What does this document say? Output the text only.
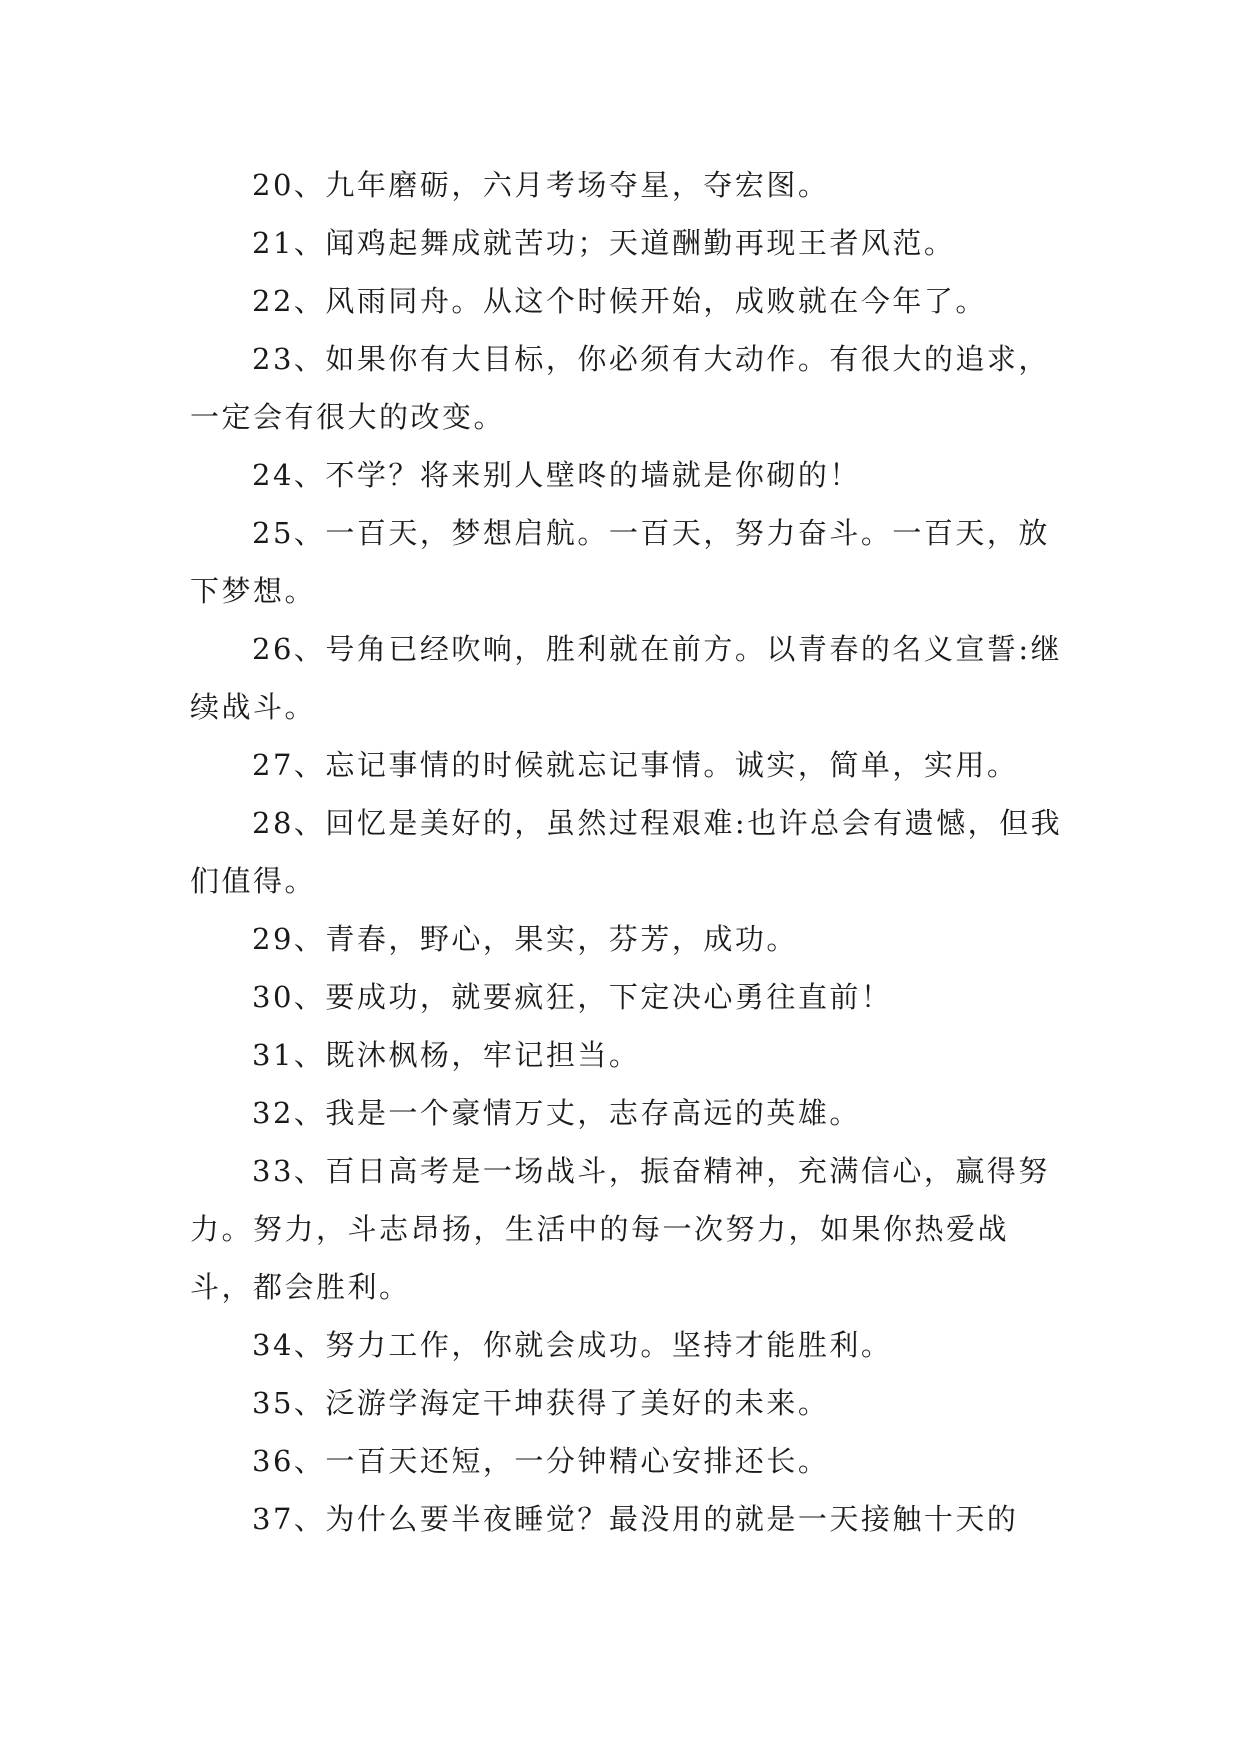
20、九年磨砺，六月考场夺星，夺宏图。

21、闻鸡起舞成就苦功；天道酬勤再现王者风范。

22、风雨同舟。从这个时候开始，成败就在今年了。

23、如果你有大目标，你必须有大动作。有很大的追求，一定会有很大的改变。

24、不学？将来别人壁咚的墙就是你砌的！

25、一百天，梦想启航。一百天，努力奋斗。一百天，放下梦想。

26、号角已经吹响，胜利就在前方。以青春的名义宣誓:继续战斗。

27、忘记事情的时候就忘记事情。诚实，简单，实用。

28、回忆是美好的，虽然过程艰难:也许总会有遗憾，但我们值得。

29、青春，野心，果实，芬芳，成功。

30、要成功，就要疯狂，下定决心勇往直前！

31、既沐枫杨，牢记担当。

32、我是一个豪情万丈，志存高远的英雄。

33、百日高考是一场战斗，振奋精神，充满信心，赢得努力。努力，斗志昂扬，生活中的每一次努力，如果你热爱战斗，都会胜利。

34、努力工作，你就会成功。坚持才能胜利。

35、泛游学海定干坤获得了美好的未来。

36、一百天还短，一分钟精心安排还长。

37、为什么要半夜睡觉？最没用的就是一天接触十天的
